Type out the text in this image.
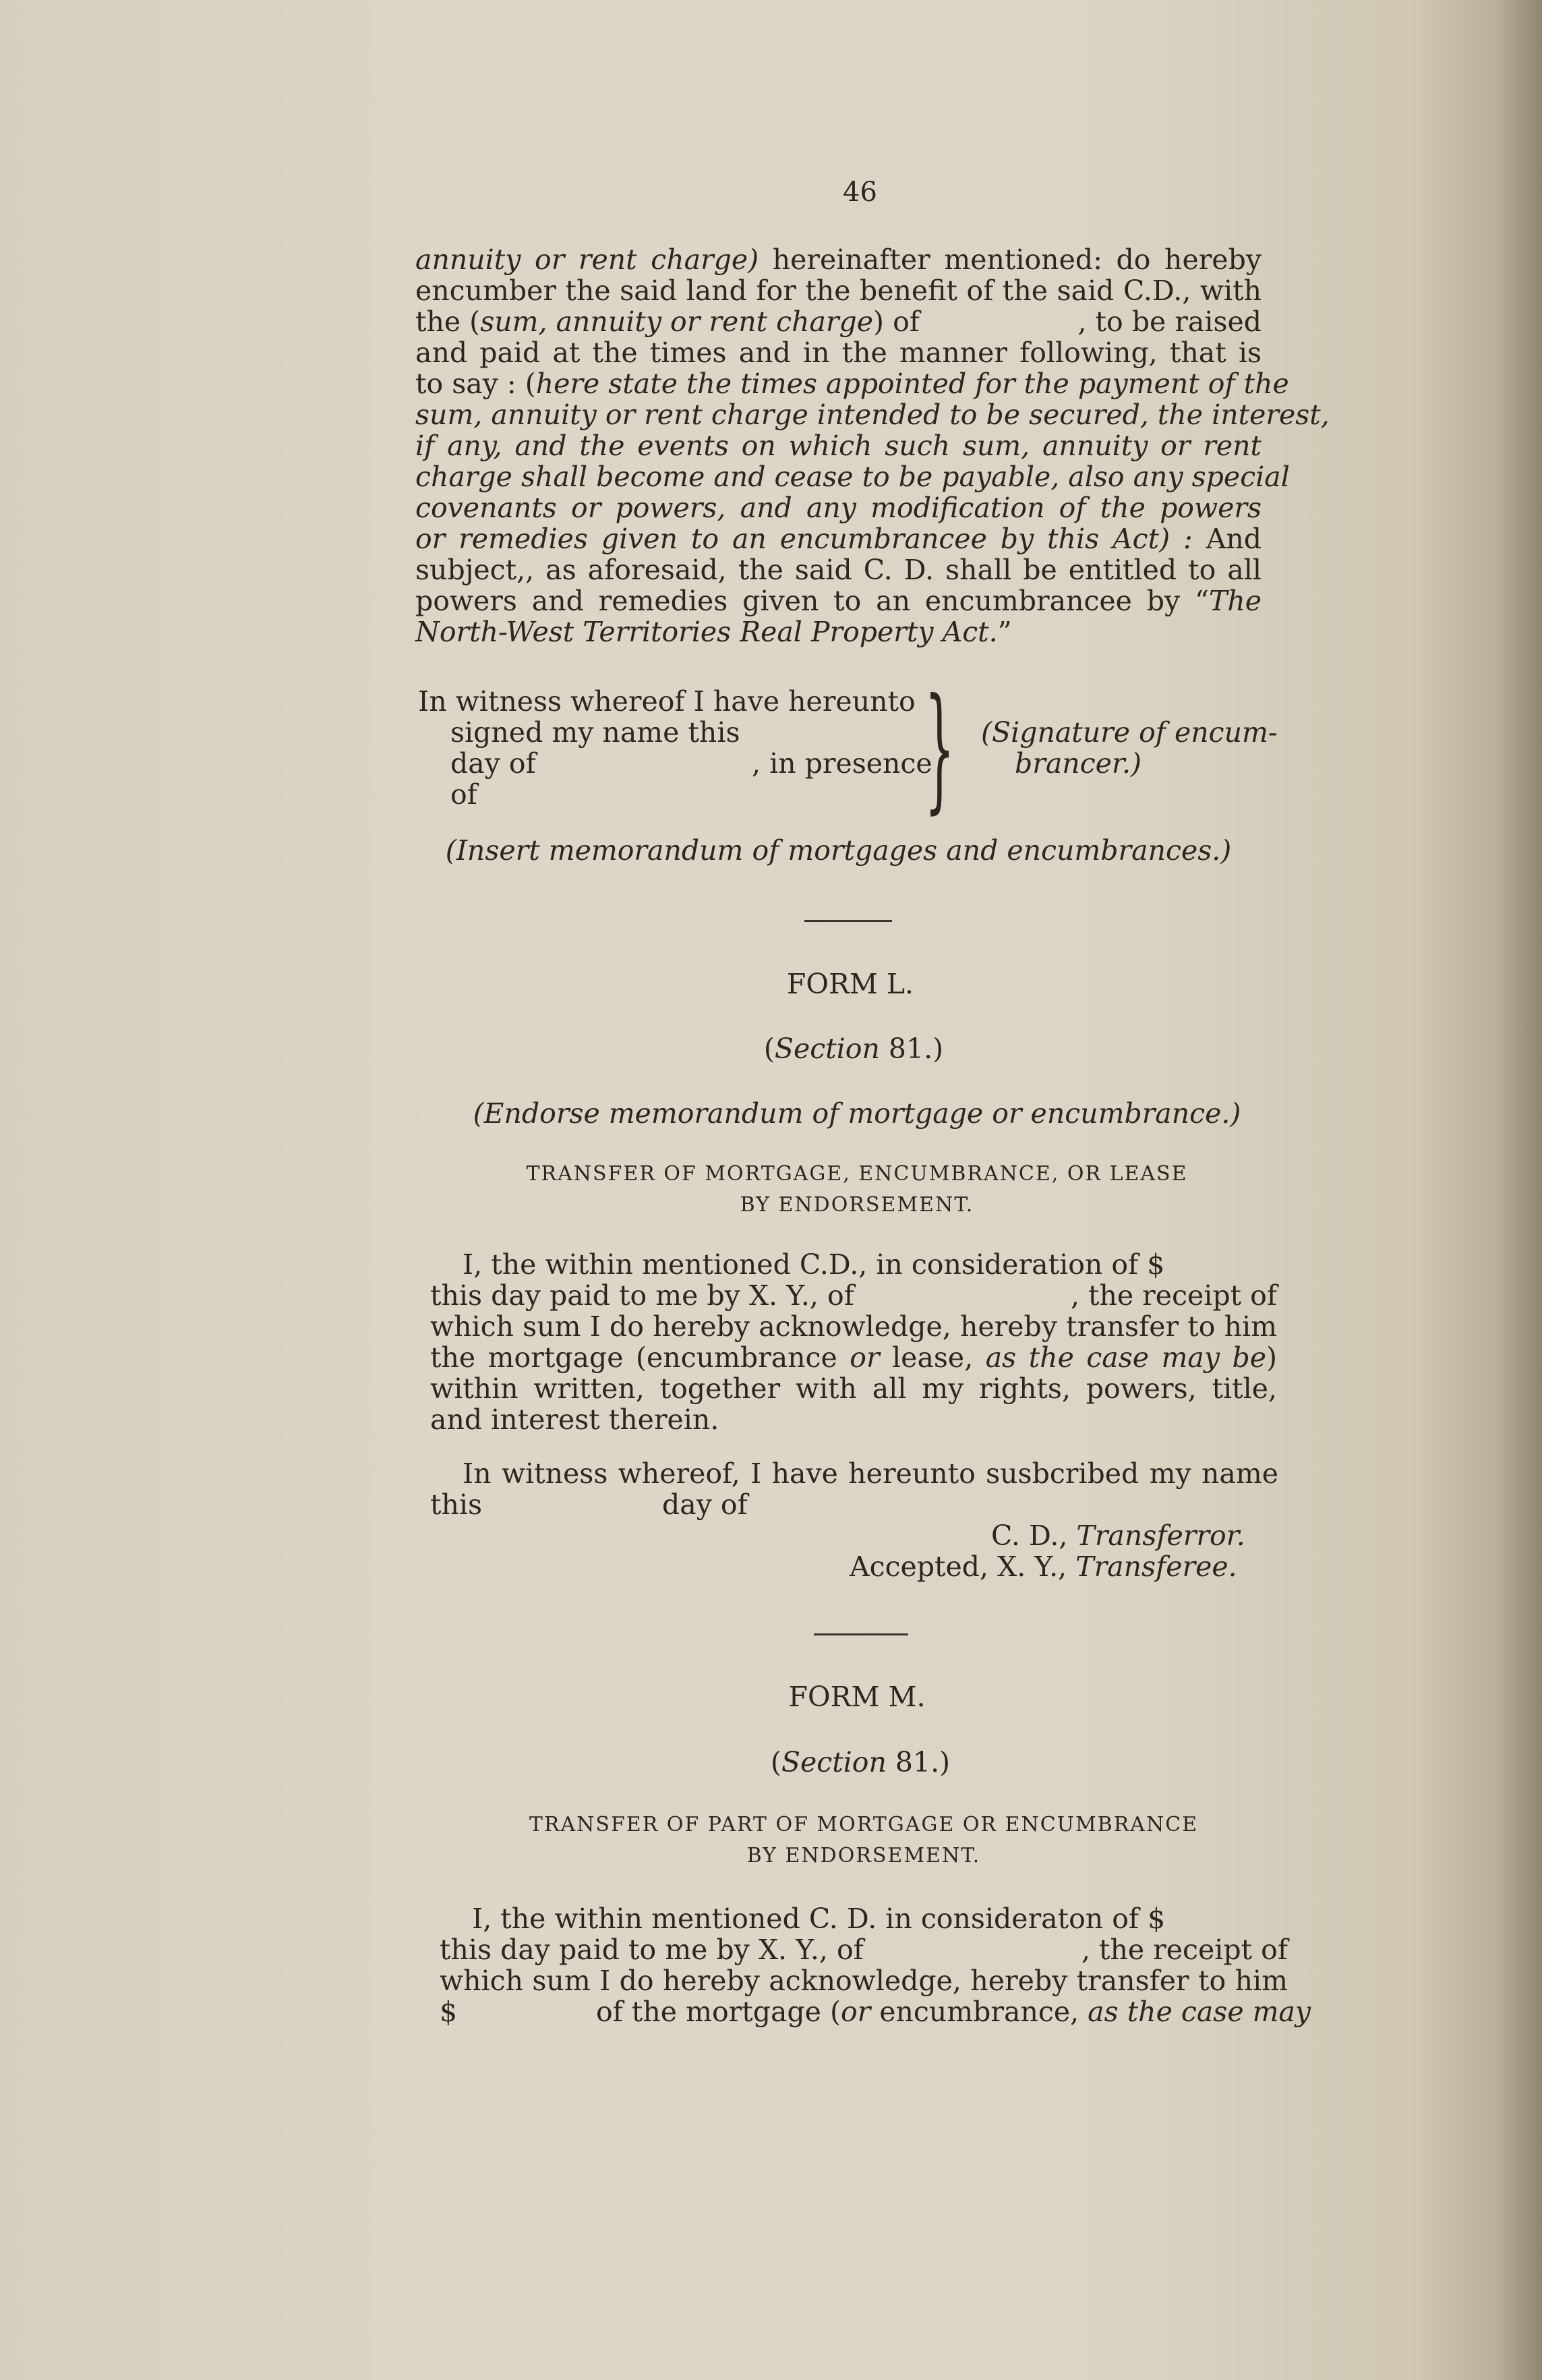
46
annuity or rent charge) hereinafter mentioned: do hereby
encumber the said land for the benefit of the said C.D., with
the (sum, annuity or rent charge) of	, to be raised
and paid at the times and in the manner following, that is
to say : (here state the times appointed for the payment of the
sum, annuity or rent charge intended to be secured, the interest,
if any, and the events on which such sum, annuity or rent
charge shall become and cease to be payable, also any special
covenants or powers, and any modification of the powers
or remedies given to an encumbrancee by this Act) : And
subject,, as aforesaid, the said C. D. shall be entitled to all
powers and remedies given to an encumbrancee by “The
North-West Territories Real Property Act.”
In witness whereof I have hereunto
signed my name this
day of	, in presence
of	} (Signature of encum-
brancer.)
(Insert memorandum of mortgages and encumbrances.)
FORM L.
(Section 81.)
(Endorse memorandum of mortgage or encumbrance.)
TRANSFER OF MORTGAGE, ENCUMBRANCE, OR LEASE
BY ENDORSEMENT.
I, the within mentioned C.D., in consideration of $
this day paid to me by X. Y., of	, the receipt of
which sum I do hereby acknowledge, hereby transfer to him
the mortgage (encumbrance or lease, as the case may be)
within written, together with all my rights, powers, title,
and interest therein.
In witness whereof, I have hereunto susbcribed my name
this	day of
C. D., Transferror.
Accepted, X. Y., Transferee.
FORM M.
(Section 81.)
TRANSFER OF PART OF MORTGAGE OR ENCUMBRANCE
BY ENDORSEMENT.
I, the within mentioned C. D. in consideraton of $
this day paid to me by X. Y., of	, the receipt of
which sum I do hereby acknowledge, hereby transfer to him
$	of the mortgage (or encumbrance, as the case may
